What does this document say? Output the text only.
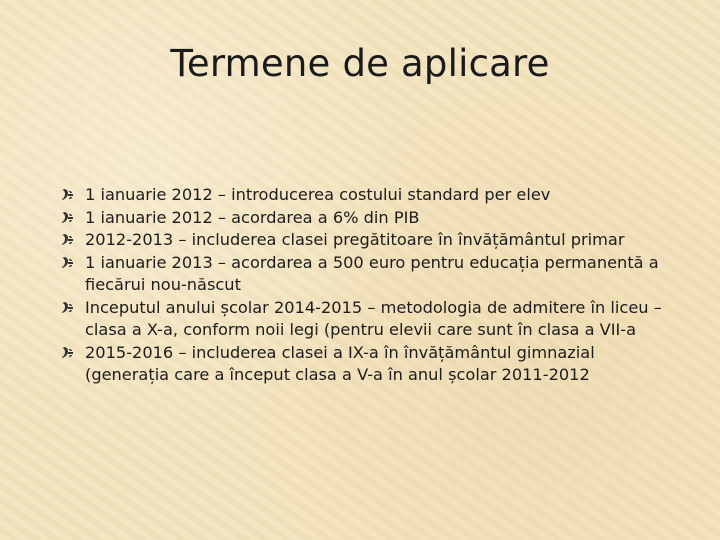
Termene de aplicare
1 ianuarie 2012 – introducerea costului standard per elev
1 ianuarie 2012 – acordarea a 6% din PIB
2012-2013 – includerea clasei pregătitoare în învățământul primar
1 ianuarie 2013 – acordarea a 500 euro pentru educația permanentă a fiecărui nou-născut
Inceputul anului școlar 2014-2015 – metodologia de admitere în liceu – clasa a X-a, conform noii legi (pentru elevii care sunt în clasa a VII-a
2015-2016 – includerea clasei a IX-a în învățământul gimnazial (generația care a început clasa a V-a în anul școlar 2011-2012
